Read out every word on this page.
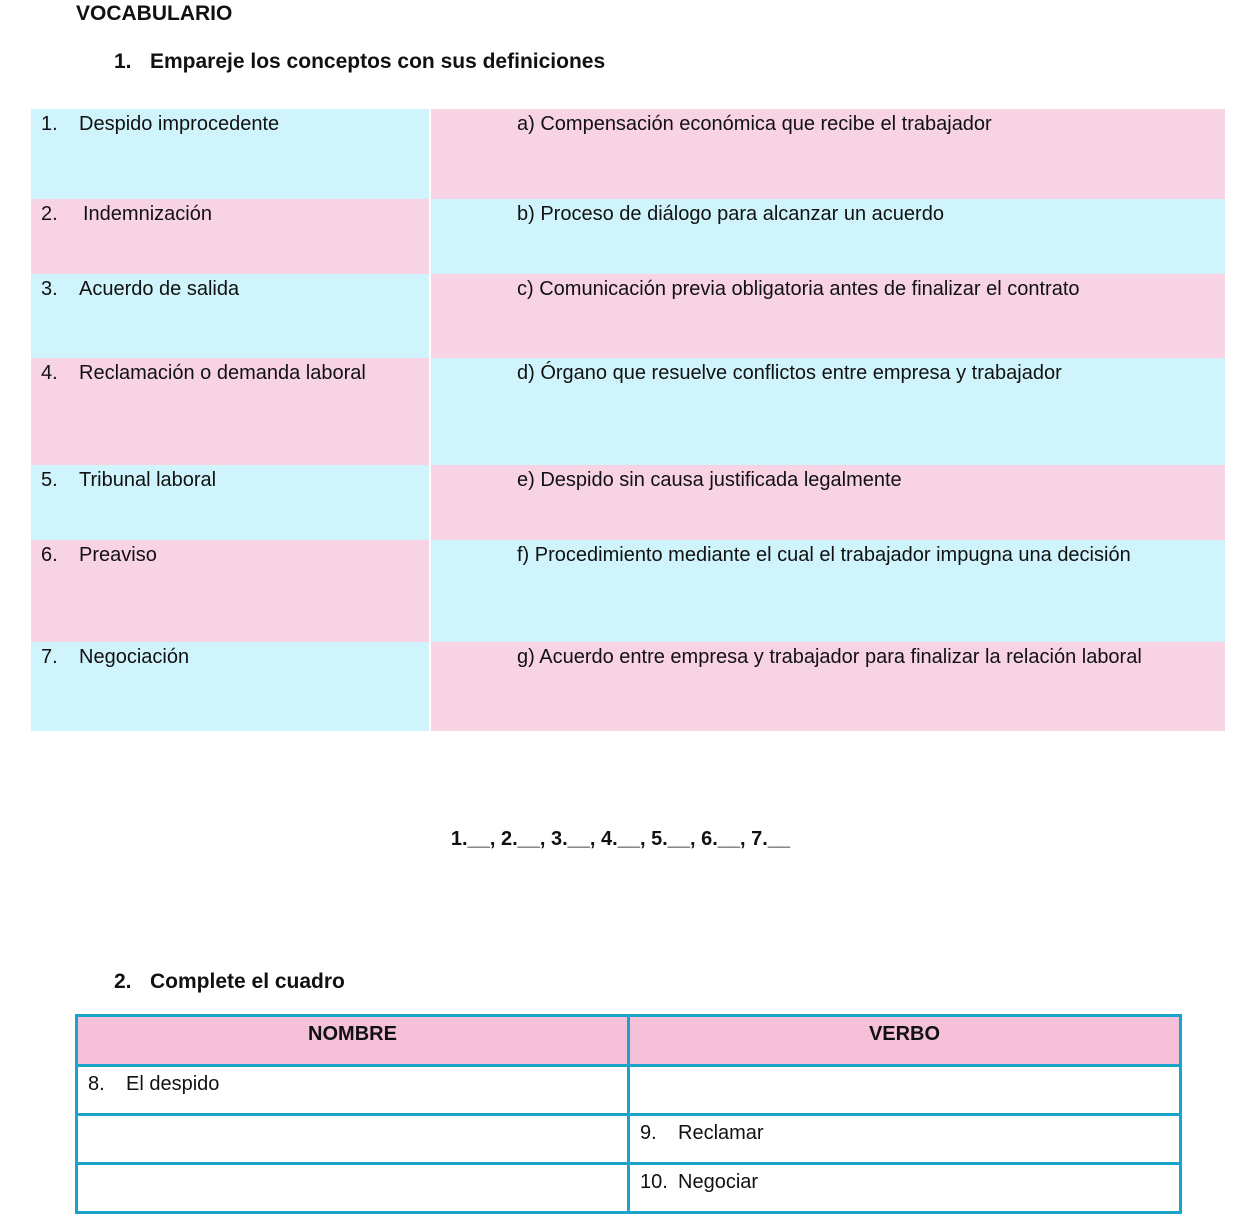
VOCABULARIO
1. Empareje los conceptos con sus definiciones
1. Despido improcedente	a) Compensación económica que recibe el trabajador
2. Indemnización	b) Proceso de diálogo para alcanzar un acuerdo
3. Acuerdo de salida	c) Comunicación previa obligatoria antes de finalizar el contrato
4. Reclamación o demanda laboral	d) Órgano que resuelve conflictos entre empresa y trabajador
5. Tribunal laboral	e) Despido sin causa justificada legalmente
6. Preaviso	f) Procedimiento mediante el cual el trabajador impugna una decisión
7. Negociación	g) Acuerdo entre empresa y trabajador para finalizar la relación laboral
1.__, 2.__, 3.__, 4.__, 5.__, 6.__, 7.__
2. Complete el cuadro
NOMBRE	VERBO
8. El despido	
	9. Reclamar
	10. Negociar
